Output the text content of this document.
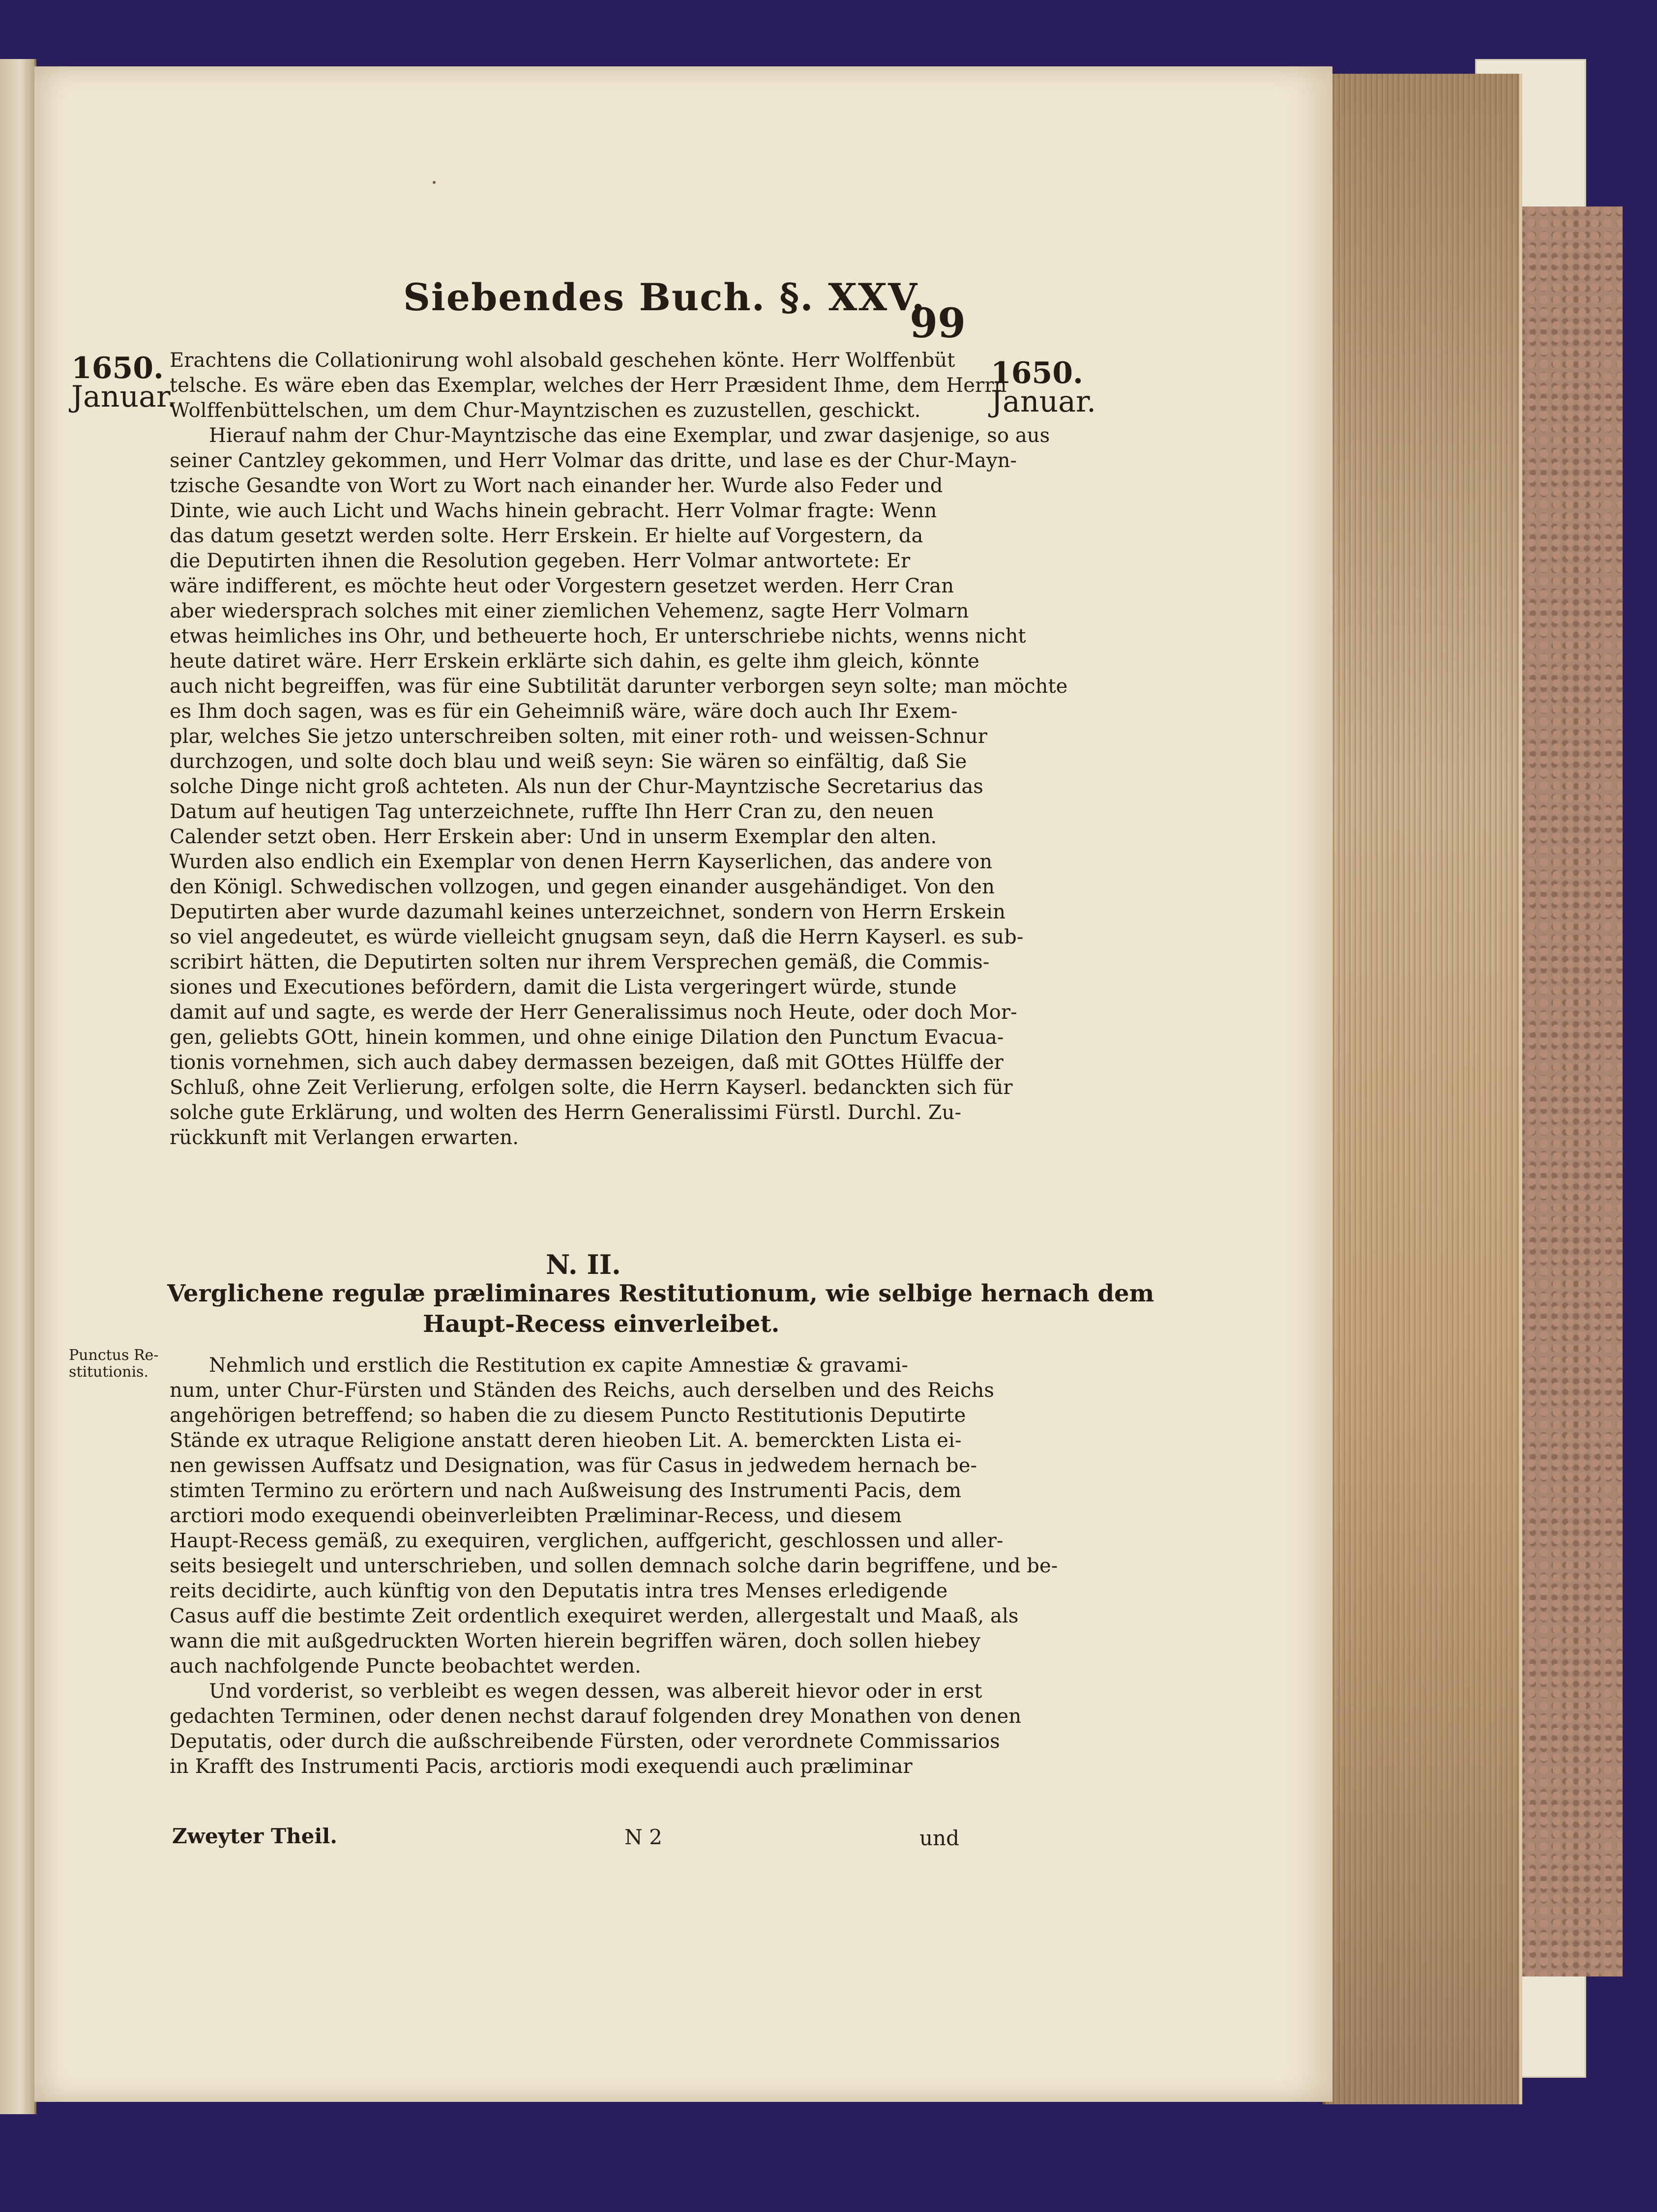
Siebendes Buch. §. XXV.
99
1650.
Januar.
1650.
Januar.
Erachtens die Collationirung wohl alsobald geschehen könte. Herr Wolffenbüt
telsche. Es wäre eben das Exemplar, welches der Herr Præsident Ihme, dem Herrn
Wolffenbüttelschen, um dem Chur-Mayntzischen es zuzustellen, geschickt.
Hierauf nahm der Chur-Mayntzische das eine Exemplar, und zwar dasjenige, so aus
seiner Cantzley gekommen, und Herr Volmar das dritte, und lase es der Chur-Mayn-
tzische Gesandte von Wort zu Wort nach einander her. Wurde also Feder und
Dinte, wie auch Licht und Wachs hinein gebracht. Herr Volmar fragte: Wenn
das datum gesetzt werden solte. Herr Erskein. Er hielte auf Vorgestern, da
die Deputirten ihnen die Resolution gegeben. Herr Volmar antwortete: Er
wäre indifferent, es möchte heut oder Vorgestern gesetzet werden. Herr Cran
aber wiedersprach solches mit einer ziemlichen Vehemenz, sagte Herr Volmarn
etwas heimliches ins Ohr, und betheuerte hoch, Er unterschriebe nichts, wenns nicht
heute datiret wäre. Herr Erskein erklärte sich dahin, es gelte ihm gleich, könnte
auch nicht begreiffen, was für eine Subtilität darunter verborgen seyn solte; man möchte
es Ihm doch sagen, was es für ein Geheimniß wäre, wäre doch auch Ihr Exem-
plar, welches Sie jetzo unterschreiben solten, mit einer roth- und weissen-Schnur
durchzogen, und solte doch blau und weiß seyn: Sie wären so einfältig, daß Sie
solche Dinge nicht groß achteten. Als nun der Chur-Mayntzische Secretarius das
Datum auf heutigen Tag unterzeichnete, ruffte Ihn Herr Cran zu, den neuen
Calender setzt oben. Herr Erskein aber: Und in unserm Exemplar den alten.
Wurden also endlich ein Exemplar von denen Herrn Kayserlichen, das andere von
den Königl. Schwedischen vollzogen, und gegen einander ausgehändiget. Von den
Deputirten aber wurde dazumahl keines unterzeichnet, sondern von Herrn Erskein
so viel angedeutet, es würde vielleicht gnugsam seyn, daß die Herrn Kayserl. es sub-
scribirt hätten, die Deputirten solten nur ihrem Versprechen gemäß, die Commis-
siones und Executiones befördern, damit die Lista vergeringert würde, stunde
damit auf und sagte, es werde der Herr Generalissimus noch Heute, oder doch Mor-
gen, geliebts GOtt, hinein kommen, und ohne einige Dilation den Punctum Evacua-
tionis vornehmen, sich auch dabey dermassen bezeigen, daß mit GOttes Hülffe der
Schluß, ohne Zeit Verlierung, erfolgen solte, die Herrn Kayserl. bedanckten sich für
solche gute Erklärung, und wolten des Herrn Generalissimi Fürstl. Durchl. Zu-
rückkunft mit Verlangen erwarten.
N. II.
Verglichene regulæ præliminares Restitutionum, wie selbige hernach dem
Haupt-Recess einverleibet.
Punctus Re-
stitutionis.	Nehmlich und erstlich die Restitution ex capite Amnestiæ & gravami-
num, unter Chur-Fürsten und Ständen des Reichs, auch derselben und des Reichs
angehörigen betreffend; so haben die zu diesem Puncto Restitutionis Deputirte
Stände ex utraque Religione anstatt deren hieoben Lit. A. bemerckten Lista ei-
nen gewissen Auffsatz und Designation, was für Casus in jedwedem hernach be-
stimten Termino zu erörtern und nach Außweisung des Instrumenti Pacis, dem
arctiori modo exequendi obeinverleibten Præliminar-Recess, und diesem
Haupt-Recess gemäß, zu exequiren, verglichen, auffgericht, geschlossen und aller-
seits besiegelt und unterschrieben, und sollen demnach solche darin begriffene, und be-
reits decidirte, auch künftig von den Deputatis intra tres Menses erledigende
Casus auff die bestimte Zeit ordentlich exequiret werden, allergestalt und Maaß, als
wann die mit außgedruckten Worten hierein begriffen wären, doch sollen hiebey
auch nachfolgende Puncte beobachtet werden.
Und vorderist, so verbleibt es wegen dessen, was albereit hievor oder in erst
gedachten Terminen, oder denen nechst darauf folgenden drey Monathen von denen
Deputatis, oder durch die außschreibende Fürsten, oder verordnete Commissarios
in Krafft des Instrumenti Pacis, arctioris modi exequendi auch præliminar
Zweyter Theil.	N 2	und
